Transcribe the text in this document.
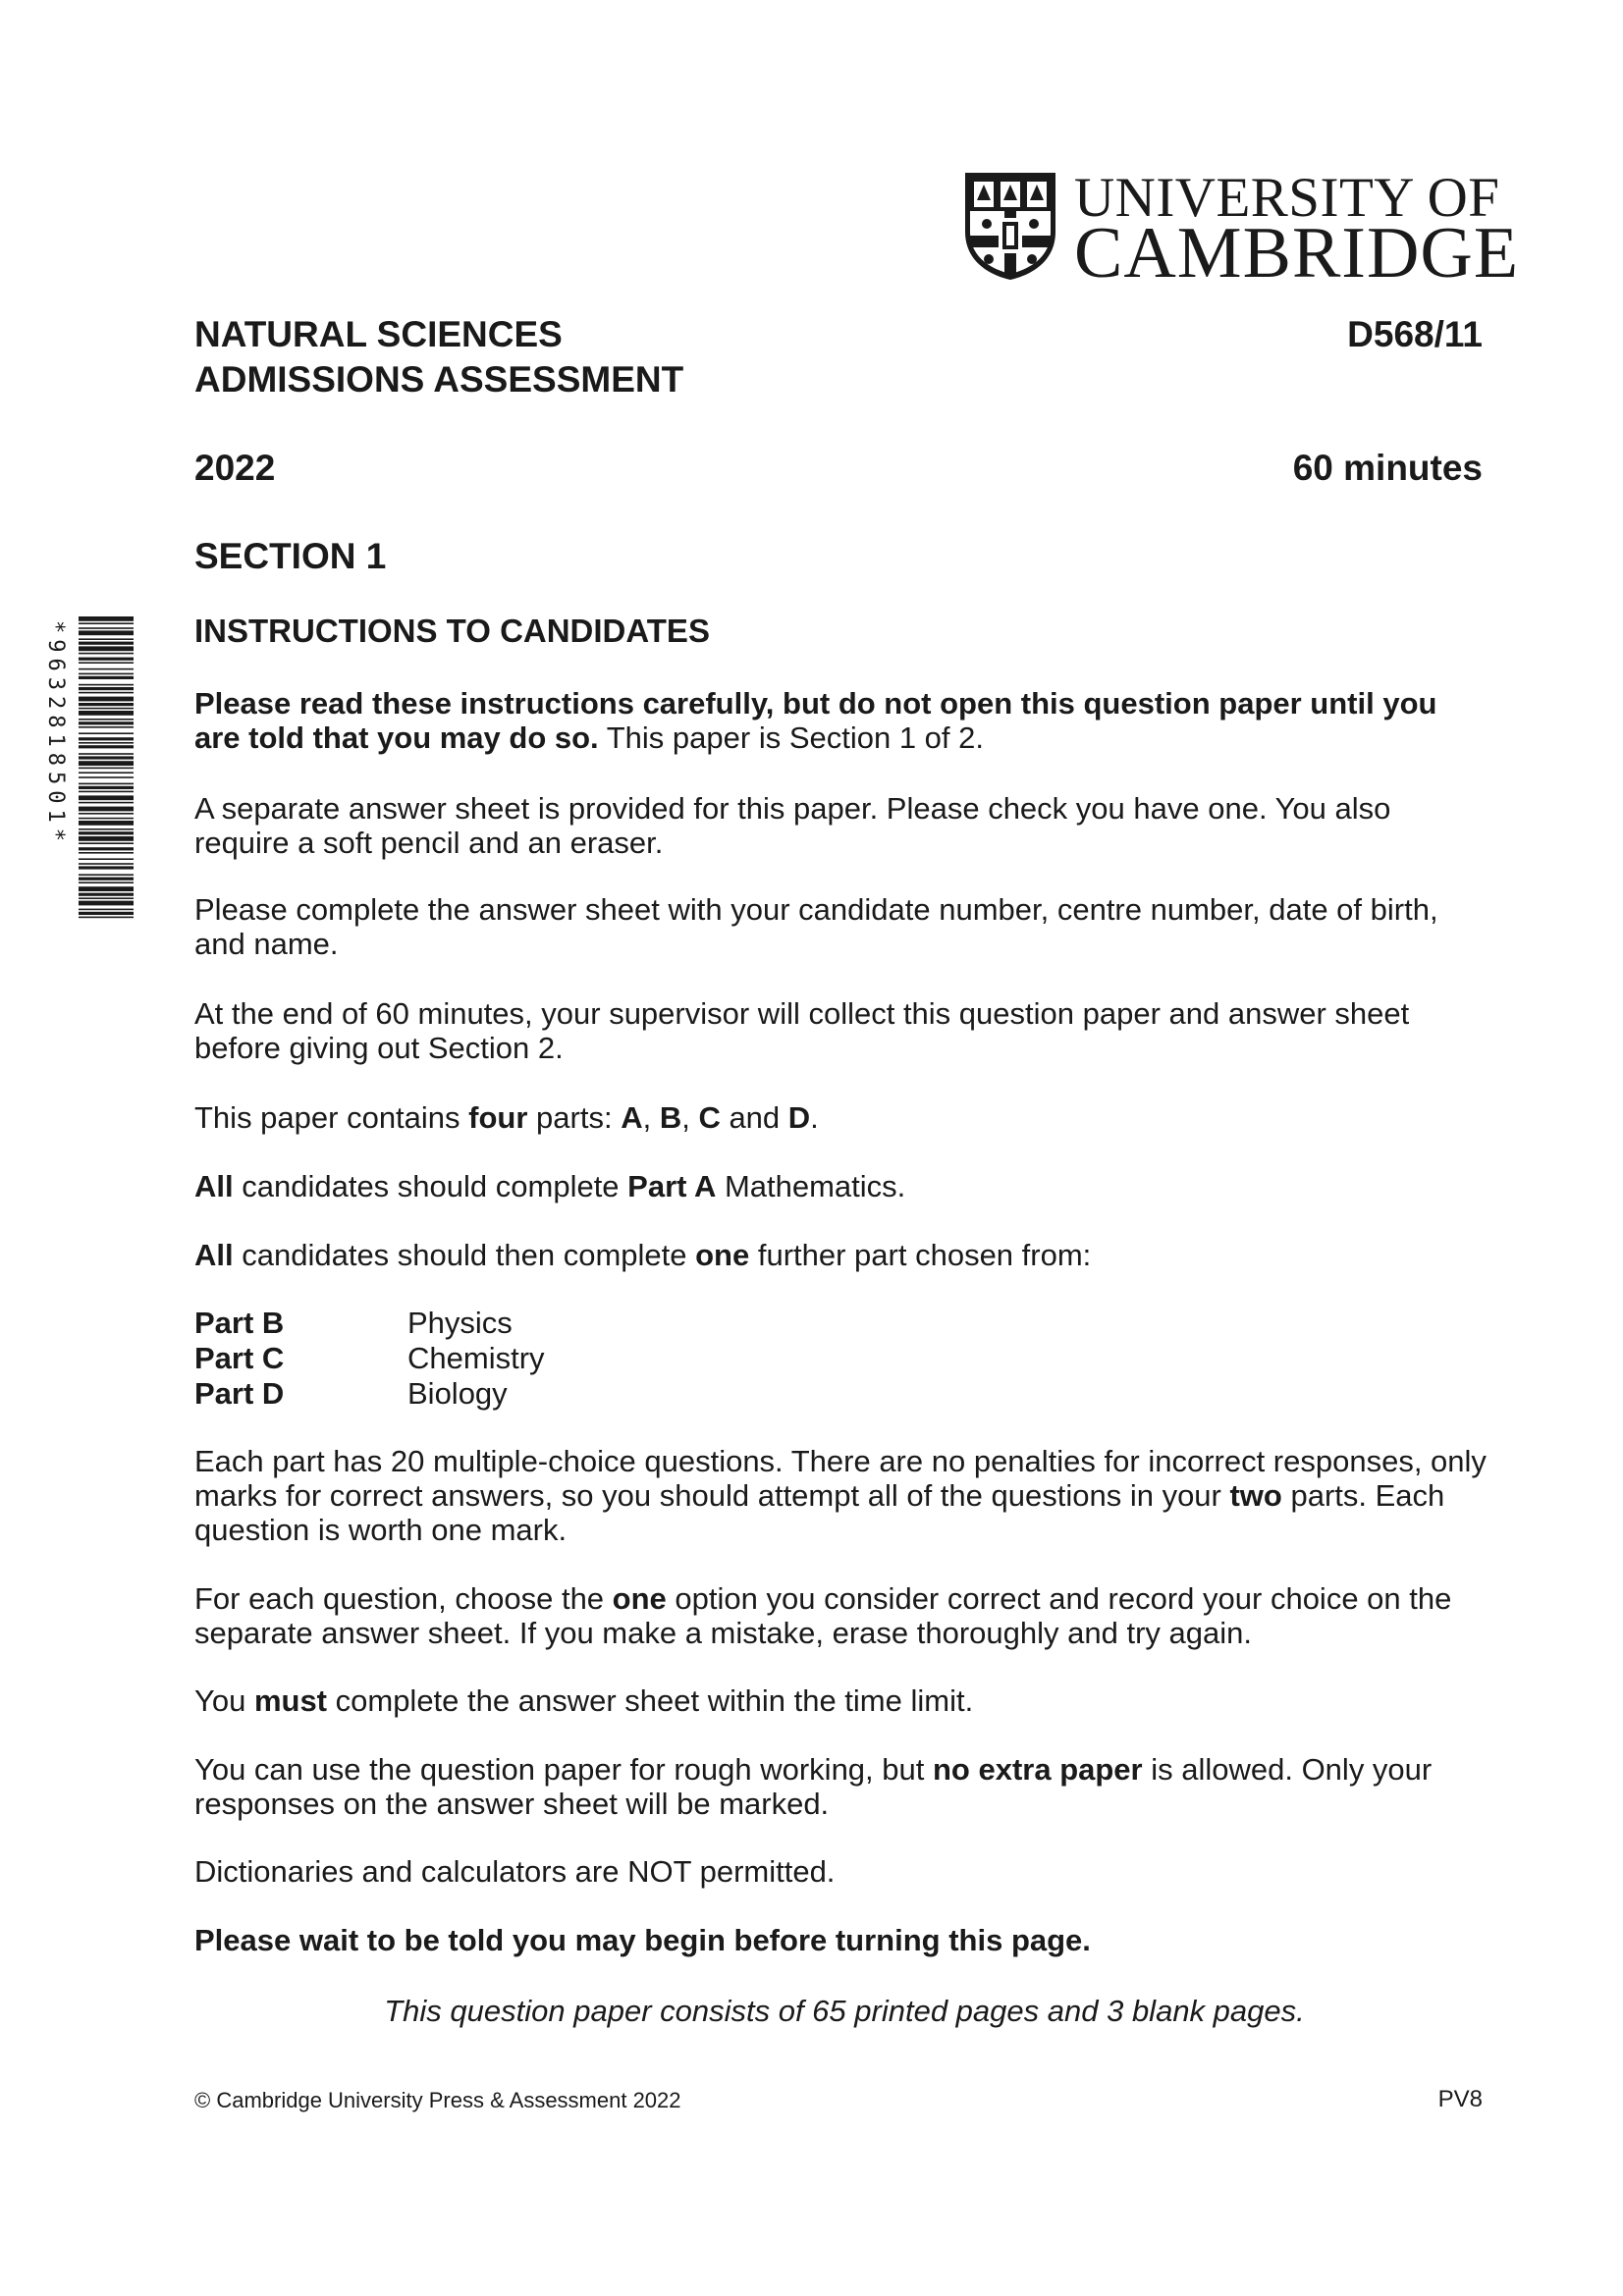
UNIVERSITY OF
CAMBRIDGE
*9632818501*
NATURAL SCIENCES
ADMISSIONS ASSESSMENT
D568/11
2022	60 minutes
SECTION 1
INSTRUCTIONS TO CANDIDATES

Please read these instructions carefully, but do not open this question paper until you are told that you may do so. This paper is Section 1 of 2.

A separate answer sheet is provided for this paper. Please check you have one. You also require a soft pencil and an eraser.

Please complete the answer sheet with your candidate number, centre number, date of birth, and name.

At the end of 60 minutes, your supervisor will collect this question paper and answer sheet before giving out Section 2.

This paper contains four parts: A, B, C and D.

All candidates should complete Part A Mathematics.

All candidates should then complete one further part chosen from:

Part B	Physics
Part C	Chemistry
Part D	Biology

Each part has 20 multiple-choice questions. There are no penalties for incorrect responses, only marks for correct answers, so you should attempt all of the questions in your two parts. Each question is worth one mark.

For each question, choose the one option you consider correct and record your choice on the separate answer sheet. If you make a mistake, erase thoroughly and try again.

You must complete the answer sheet within the time limit.

You can use the question paper for rough working, but no extra paper is allowed. Only your responses on the answer sheet will be marked.

Dictionaries and calculators are NOT permitted.

Please wait to be told you may begin before turning this page.

This question paper consists of 65 printed pages and 3 blank pages.
© Cambridge University Press & Assessment 2022	PV8
